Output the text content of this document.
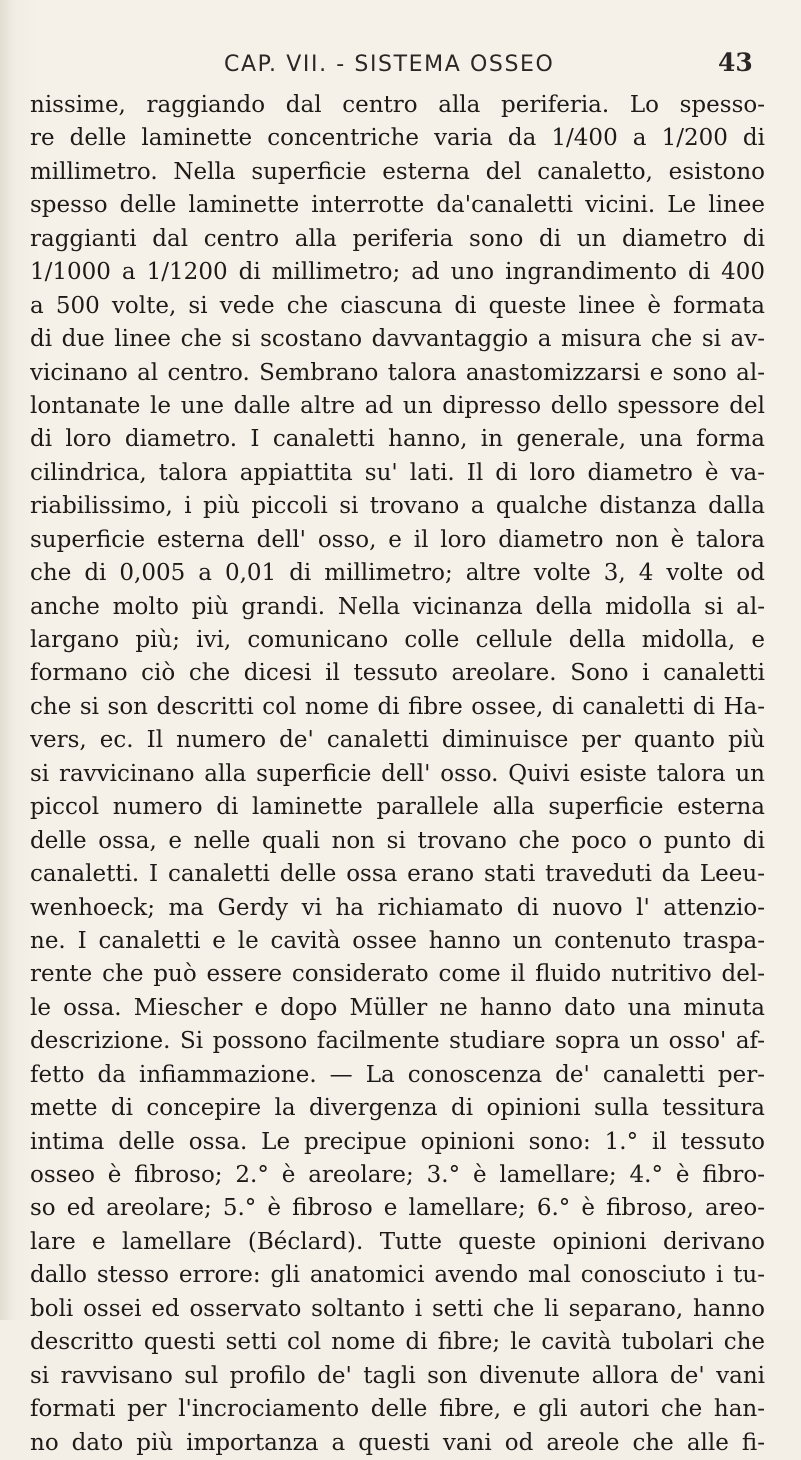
CAP. VII. - SISTEMA OSSEO	43
nissime, raggiando dal centro alla periferia. Lo spesso-
re delle laminette concentriche varia da 1/400 a 1/200 di
millimetro. Nella superficie esterna del canaletto, esistono
spesso delle laminette interrotte da'canaletti vicini. Le linee
raggianti dal centro alla periferia sono di un diametro di
1/1000 a 1/1200 di millimetro; ad uno ingrandimento di 400
a 500 volte, si vede che ciascuna di queste linee è formata
di due linee che si scostano davvantaggio a misura che si av-
vicinano al centro. Sembrano talora anastomizzarsi e sono al-
lontanate le une dalle altre ad un dipresso dello spessore del
di loro diametro. I canaletti hanno, in generale, una forma
cilindrica, talora appiattita su' lati. Il di loro diametro è va-
riabilissimo, i più piccoli si trovano a qualche distanza dalla
superficie esterna dell' osso, e il loro diametro non è talora
che di 0,005 a 0,01 di millimetro; altre volte 3, 4 volte od
anche molto più grandi. Nella vicinanza della midolla si al-
largano più; ivi, comunicano colle cellule della midolla, e
formano ciò che dicesi il tessuto areolare. Sono i canaletti
che si son descritti col nome di fibre ossee, di canaletti di Ha-
vers, ec. Il numero de' canaletti diminuisce per quanto più
si ravvicinano alla superficie dell' osso. Quivi esiste talora un
piccol numero di laminette parallele alla superficie esterna
delle ossa, e nelle quali non si trovano che poco o punto di
canaletti. I canaletti delle ossa erano stati traveduti da Leeu-
wenhoeck; ma Gerdy vi ha richiamato di nuovo l' attenzio-
ne. I canaletti e le cavità ossee hanno un contenuto traspa-
rente che può essere considerato come il fluido nutritivo del-
le ossa. Miescher e dopo Müller ne hanno dato una minuta
descrizione. Si possono facilmente studiare sopra un osso' af-
fetto da infiammazione. — La conoscenza de' canaletti per-
mette di concepire la divergenza di opinioni sulla tessitura
intima delle ossa. Le precipue opinioni sono: 1.° il tessuto
osseo è fibroso; 2.° è areolare; 3.° è lamellare; 4.° è fibro-
so ed areolare; 5.° è fibroso e lamellare; 6.° è fibroso, areo-
lare e lamellare (Béclard). Tutte queste opinioni derivano
dallo stesso errore: gli anatomici avendo mal conosciuto i tu-
boli ossei ed osservato soltanto i setti che li separano, hanno
descritto questi setti col nome di fibre; le cavità tubolari che
si ravvisano sul profilo de' tagli son divenute allora de' vani
formati per l'incrociamento delle fibre, e gli autori che han-
no dato più importanza a questi vani od areole che alle fi-
